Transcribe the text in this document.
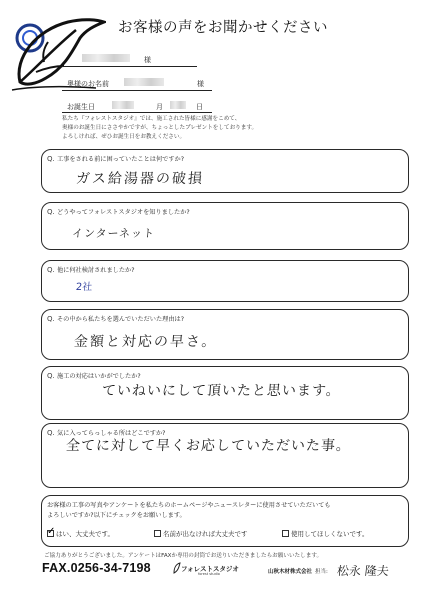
お客様の声をお聞かせください
様
奥様のお名前	様
お誕生日	月	日
私たち『フォレストスタジオ』では、施工された皆様に感謝をこめて、
奥様のお誕生日にささやかですが、ちょっとしたプレゼントをしております。
よろしければ、ぜひお誕生日をお教えください。
Q. 工事をされる前に困っていたことは何ですか?
ガス給湯器の破損
Q. どうやってフォレストスタジオを知りましたか?
インターネット
Q. 他に何社検討されましたか?
2社
Q. その中から私たちを選んでいただいた理由は?
金額と対応の早さ。
Q. 施工の対応はいかがでしたか?
ていねいにして頂いたと思います。
Q. 気に入ってらっしゃる所はどこですか?
全てに対して早くお応していただいた事。
お客様の工事の写真やアンケートを私たちのホームページやニュースレターに使用させていただいても
よろしいですか?以下にチェックをお願いします。
✓はい、大丈夫です。	名前が出なければ大丈夫です	使用してほしくないです。
ご協力ありがとうございました。アンケートはFAXか専用の封筒でお送りいただきましたらお願いいたします。
FAX.0256-34-7198	フォレストスタジオ
forest studio	山秋木材株式会社 担当: 松永 隆夫
